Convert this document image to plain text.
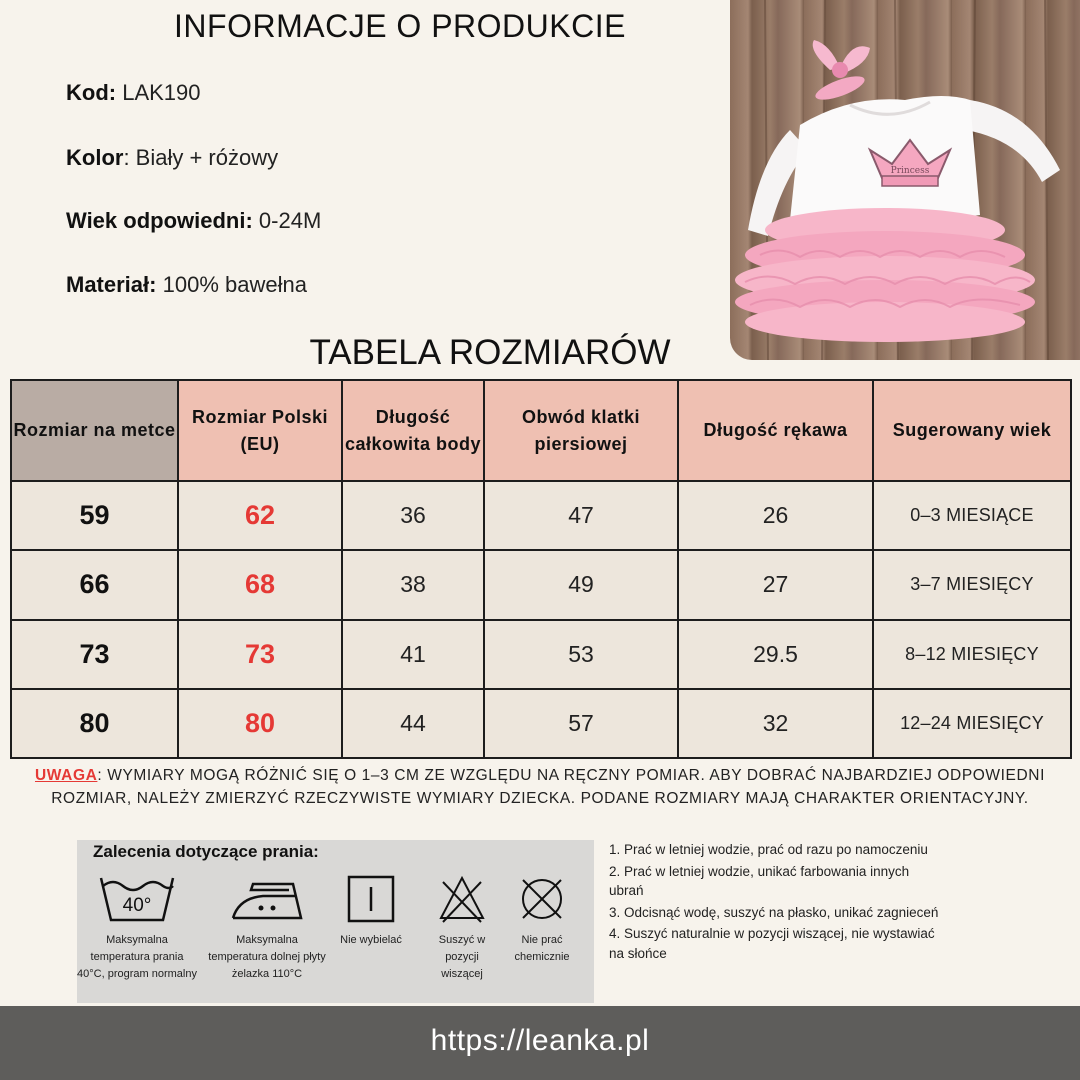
INFORMACJE O PRODUKCIE
Kod: LAK190
Kolor: Biały + różowy
Wiek odpowiedni: 0-24M
Materiał: 100% bawełna
Princess
TABELA ROZMIARÓW
Rozmiar na metce	Rozmiar Polski (EU)	Długość całkowita body	Obwód klatki piersiowej	Długość rękawa	Sugerowany wiek
59	62	36	47	26	0–3 MIESIĄCE
66	68	38	49	27	3–7 MIESIĘCY
73	73	41	53	29.5	8–12 MIESIĘCY
80	80	44	57	32	12–24 MIESIĘCY
UWAGA: WYMIARY MOGĄ RÓŻNIĆ SIĘ O 1–3 CM ZE WZGLĘDU NA RĘCZNY POMIAR. ABY DOBRAĆ NAJBARDZIEJ ODPOWIEDNI ROZMIAR, NALEŻY ZMIERZYĆ RZECZYWISTE WYMIARY DZIECKA. PODANE ROZMIARY MAJĄ CHARAKTER ORIENTACYJNY.
Zalecenia dotyczące prania:
40°
Maksymalna temperatura prania 40°C, program normalny
Maksymalna temperatura dolnej płyty żelazka 110°C
Nie wybielać	Suszyć w pozycji wiszącej
Nie prać chemicznie
1. Prać w letniej wodzie, prać od razu po namoczeniu
2. Prać w letniej wodzie, unikać farbowania innych ubrań
3. Odcisnąć wodę, suszyć na płasko, unikać zagnieceń
4. Suszyć naturalnie w pozycji wiszącej, nie wystawiać na słońce
https://leanka.pl
